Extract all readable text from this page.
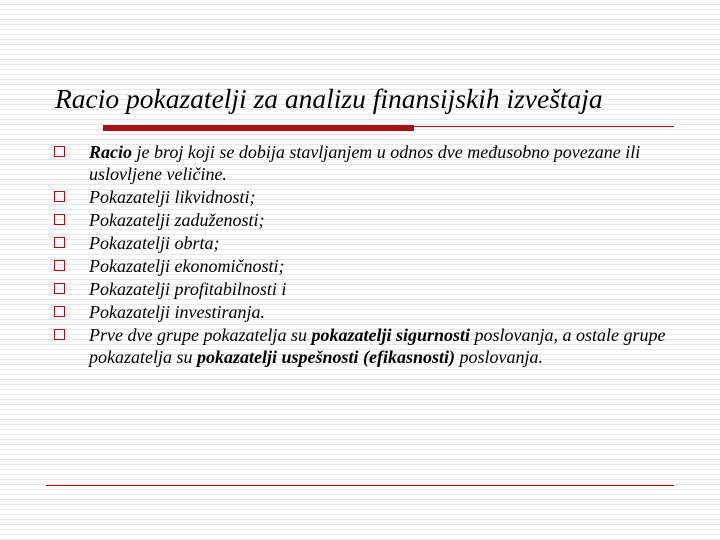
Racio pokazatelji za analizu finansijskih izveštaja
Racio je broj koji se dobija stavljanjem u odnos dve međusobno povezane ili uslovljene veličine.
Pokazatelji likvidnosti;
Pokazatelji zaduženosti;
Pokazatelji obrta;
Pokazatelji ekonomičnosti;
Pokazatelji profitabilnosti i
Pokazatelji investiranja.
Prve dve grupe pokazatelja su pokazatelji sigurnosti poslovanja, a ostale grupe pokazatelja su pokazatelji uspešnosti (efikasnosti) poslovanja.
